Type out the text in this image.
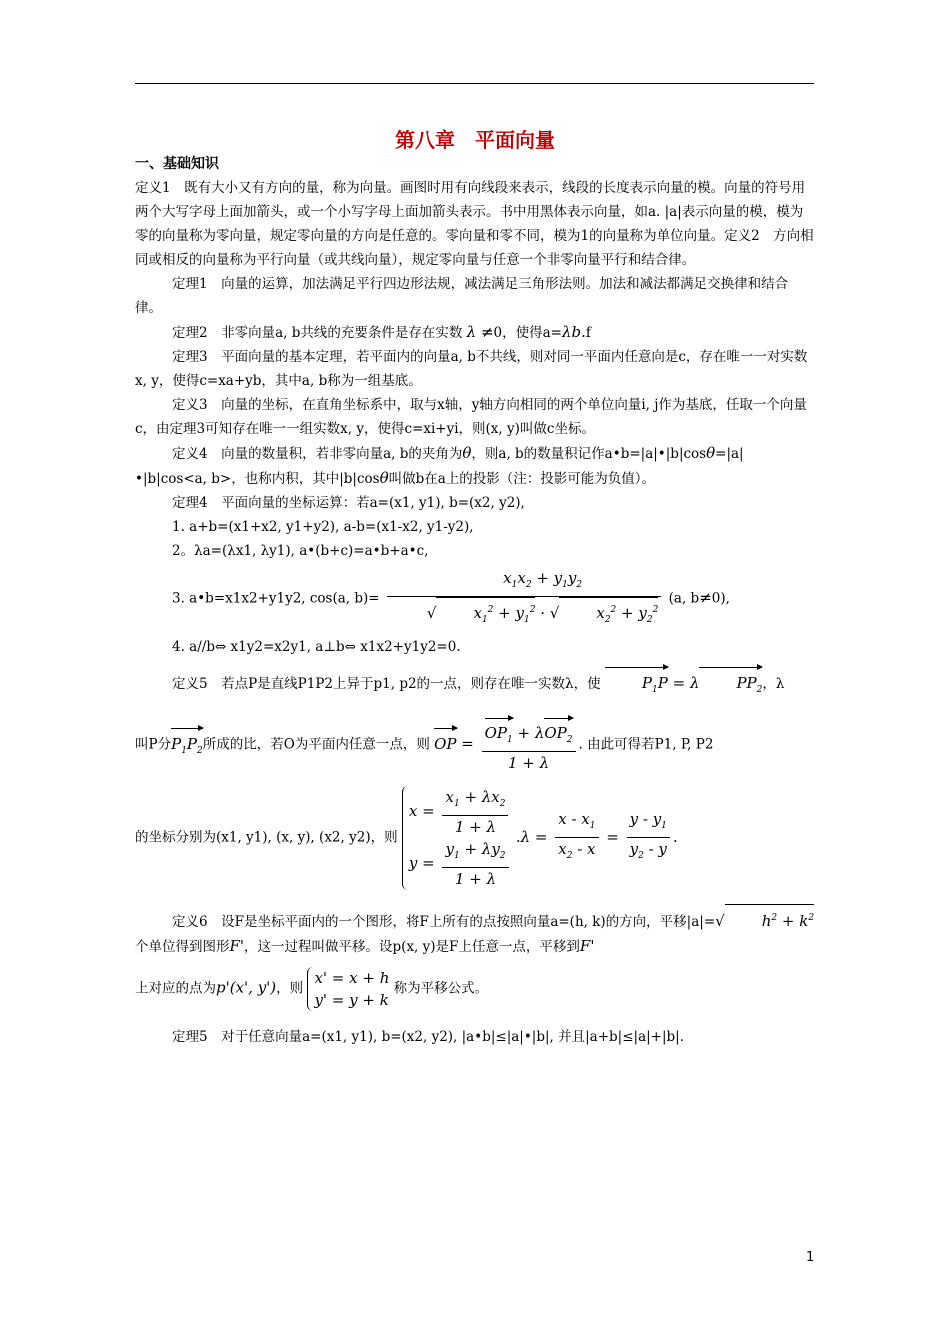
第八章　平面向量

一、基础知识

定义1　既有大小又有方向的量，称为向量。画图时用有向线段来表示，线段的长度表示向量的模。向量的符号用两个大写字母上面加箭头，或一个小写字母上面加箭头表示。书中用黑体表示向量，如a. |a|表示向量的模，模为零的向量称为零向量，规定零向量的方向是任意的。零向量和零不同，模为1的向量称为单位向量。定义2　方向相同或相反的向量称为平行向量（或共线向量），规定零向量与任意一个非零向量平行和结合律。

定理1　向量的运算，加法满足平行四边形法规，减法满足三角形法则。加法和减法都满足交换律和结合律。

定理2　非零向量a, b共线的充要条件是存在实数 λ ≠0，使得a=λb.f

定理3　平面向量的基本定理，若平面内的向量a, b不共线，则对同一平面内任意向是c，存在唯一一对实数x, y，使得c=xa+yb，其中a, b称为一组基底。

定义3　向量的坐标，在直角坐标系中，取与x轴，y轴方向相同的两个单位向量i, j作为基底，任取一个向量c，由定理3可知存在唯一一组实数x, y，使得c=xi+yi，则(x, y)叫做c坐标。

定义4　向量的数量积，若非零向量a, b的夹角为θ，则a, b的数量积记作a•b=|a|•|b|cosθ=|a|•|b|cos<a, b>，也称内积，其中|b|cosθ叫做b在a上的投影（注：投影可能为负值）。

定理4　平面向量的坐标运算：若a=(x1, y1), b=(x2, y2),

1. a+b=(x1+x2, y1+y2), a-b=(x1-x2, y1-y2),

2。λa=(λx1, λy1), a•(b+c)=a•b+a•c,

3. a•b=x1x2+y1y2, cos(a, $b)= \frac{x_1x_2 + y_1y_2}{√ x_1^2 + y_1^2 \cdot √ x_2^2 + y_2^2} (a$, b≠0),

4. a//b⇔ x1y2=x2y1, a⊥b⇔ x1x2+y1y2=0.

定义5　若点P是直线P1P2上异于p1, p2的一点，则存在唯一实数λ，使	$P_1P = \lambda$ $PP_2$，λ

叫P分$P_1P_2$所成的比，若O为平面内任意一点，则 OP = $\frac{OP_1 + \lambda OP_2}{1 + \lambda}$ . 由此可得若P1, P, P2

的坐标分别为(x1, y1), (x, y), (x2, y2)，则
$x = \frac{x_1 + \lambda x_2}{1 + \lambda}$
$y = \frac{y_1 + \lambda y_2}{1 + \lambda}$
$.\lambda = \frac{x - x_1}{x_2 - x} = \frac{y - y_1}{y_2 - y}$ .

定义6　设F是坐标平面内的一个图形，将F上所有的点按照向量a=(h, k)的方向，平移|a|=√ $h^2 + k^2$个单位得到图形F'，这一过程叫做平移。设p(x, y)是F上任意一点，平移到F'

上对应的点为p'(x', y')，则
x' = x + h
y' = y + k
称为平移公式。

定理5　对于任意向量a=(x1, y1), b=(x2, y2), |a•b|≤|a|•|b|, 并且|a+b|≤|a|+|b|.

1
